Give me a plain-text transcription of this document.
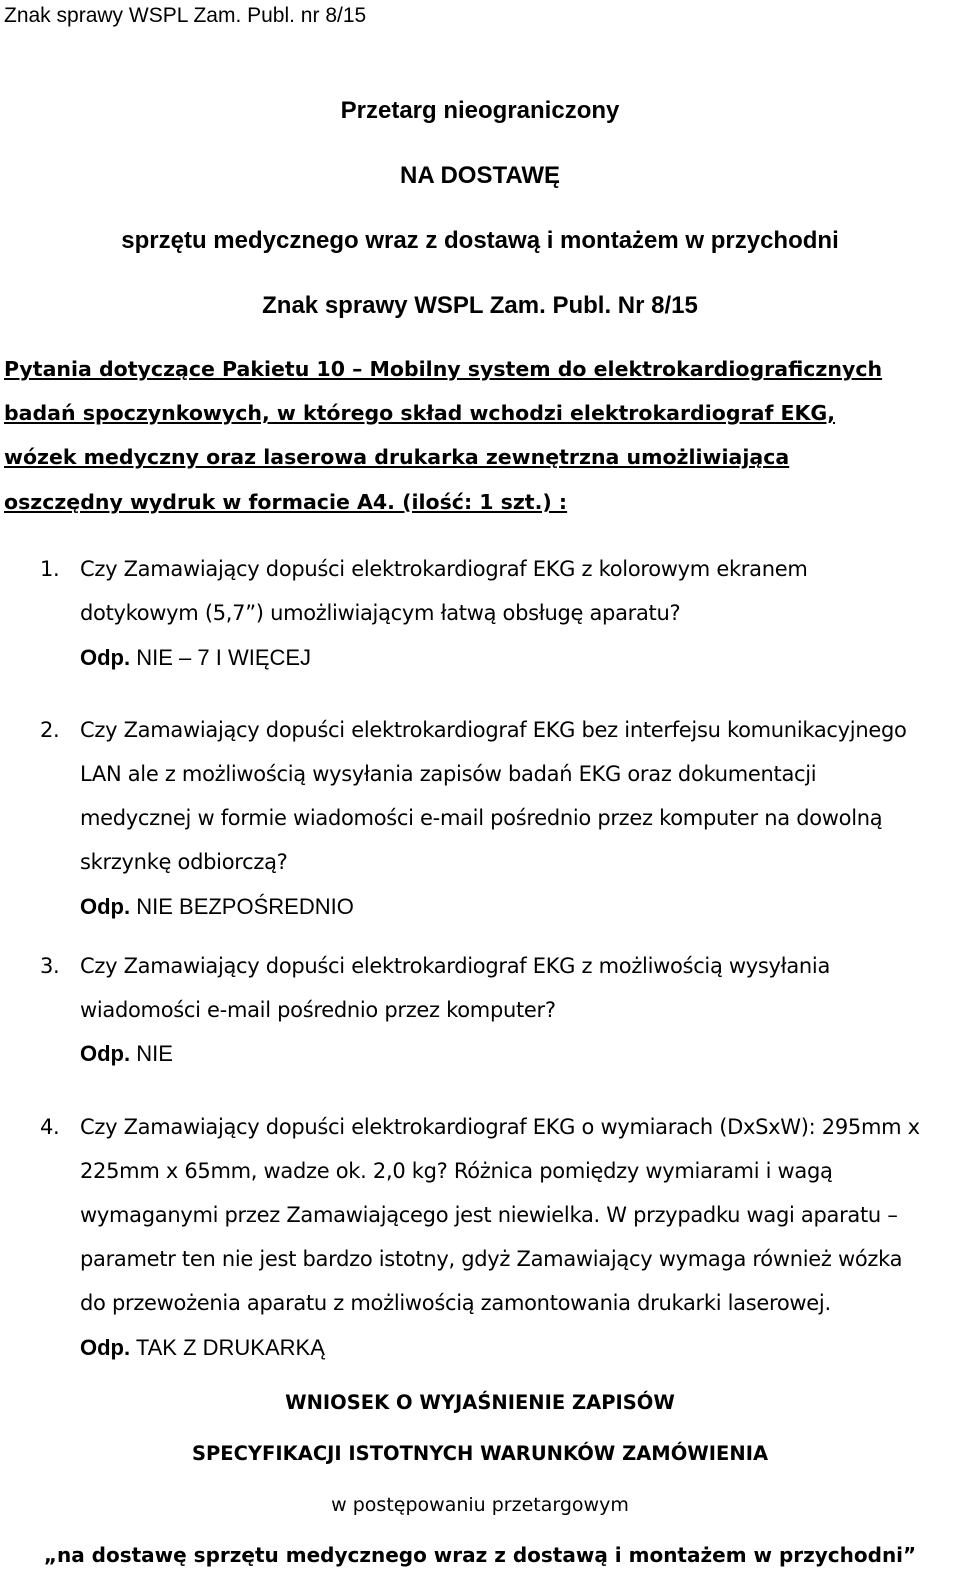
Znak sprawy WSPL Zam. Publ. nr 8/15
Przetarg nieograniczony
NA DOSTAWĘ
sprzętu medycznego wraz z dostawą i montażem w przychodni
Znak sprawy WSPL Zam. Publ. Nr 8/15
Pytania dotyczące Pakietu 10 – Mobilny system do elektrokardiograficznych
badań spoczynkowych, w którego skład wchodzi elektrokardiograf EKG,
wózek medyczny oraz laserowa drukarka zewnętrzna umożliwiająca
oszczędny wydruk w formacie A4. (ilość: 1 szt.) :
1. Czy Zamawiający dopuści elektrokardiograf EKG z kolorowym ekranem
dotykowym (5,7”) umożliwiającym łatwą obsługę aparatu?
Odp. NIE – 7 I WIĘCEJ
2. Czy Zamawiający dopuści elektrokardiograf EKG bez interfejsu komunikacyjnego
LAN ale z możliwością wysyłania zapisów badań EKG oraz dokumentacji
medycznej w formie wiadomości e-mail pośrednio przez komputer na dowolną
skrzynkę odbiorczą?
Odp. NIE BEZPOŚREDNIO
3. Czy Zamawiający dopuści elektrokardiograf EKG z możliwością wysyłania
wiadomości e-mail pośrednio przez komputer?
Odp. NIE
4. Czy Zamawiający dopuści elektrokardiograf EKG o wymiarach (DxSxW): 295mm x
225mm x 65mm, wadze ok. 2,0 kg? Różnica pomiędzy wymiarami i wagą
wymaganymi przez Zamawiającego jest niewielka. W przypadku wagi aparatu –
parametr ten nie jest bardzo istotny, gdyż Zamawiający wymaga również wózka
do przewożenia aparatu z możliwością zamontowania drukarki laserowej.
Odp. TAK Z DRUKARKĄ
WNIOSEK O WYJAŚNIENIE ZAPISÓW
SPECYFIKACJI ISTOTNYCH WARUNKÓW ZAMÓWIENIA
w postępowaniu przetargowym
„na dostawę sprzętu medycznego wraz z dostawą i montażem w przychodni”
